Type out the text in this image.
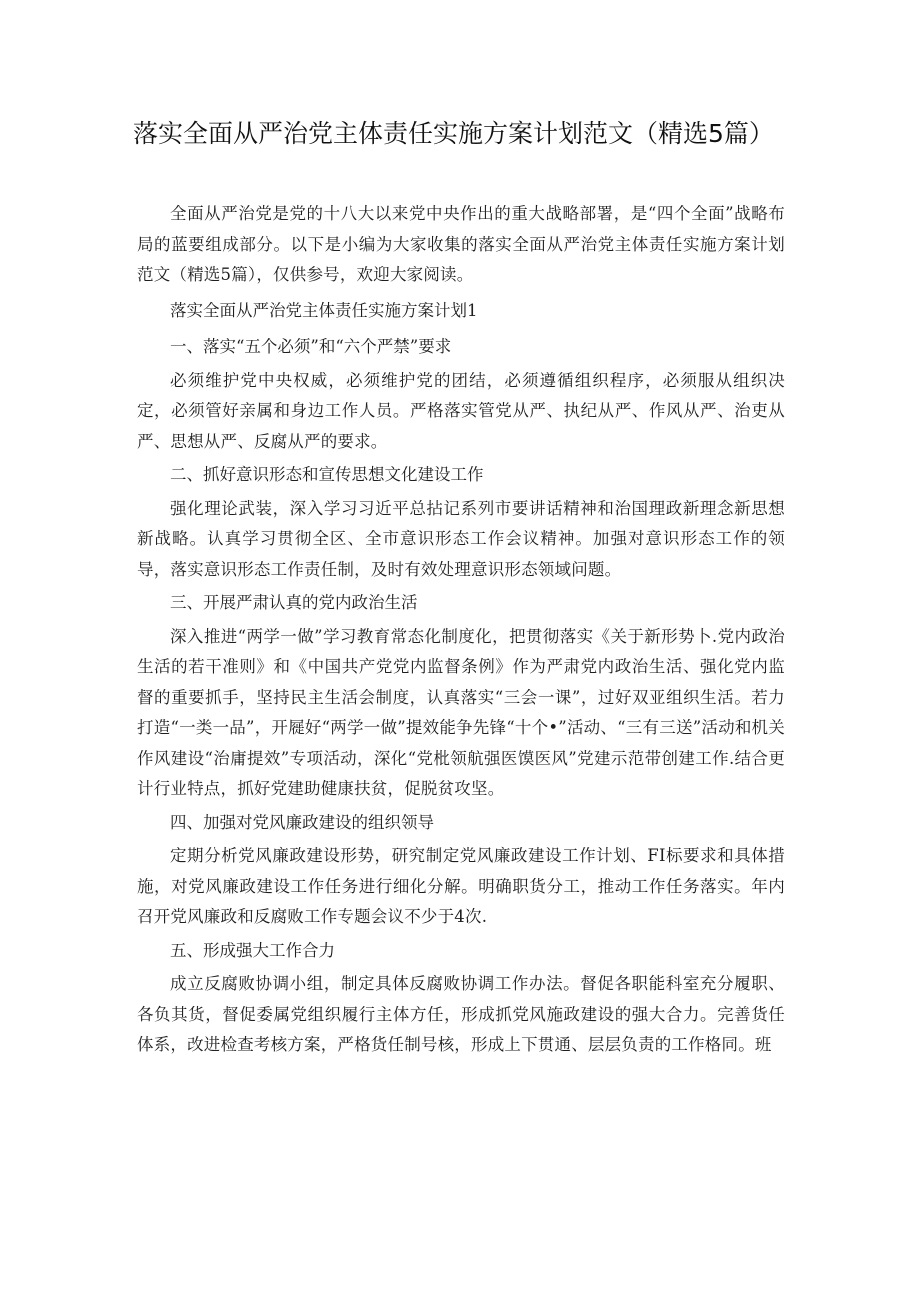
落实全面从严治党主体责任实施方案计划范文（精选5篇）

全面从严治党是党的十八大以来党中央作出的重大战略部署，是“四个全面”战略布局的蓝要组成部分。以下是小编为大家收集的落实全面从严治党主体责任实施方案计划范文（精选5篇），仅供参号，欢迎大家阅读。

落实全面从严治党主体责任实施方案计划1

一、落实“五个必须”和“六个严禁”要求

必须维护党中央权威，必须维护党的团结，必须遵循组织程序，必须服从组织决定，必须管好亲属和身边工作人员。严格落实管党从严、执纪从严、作风从严、治吏从严、思想从严、反腐从严的要求。

二、抓好意识形态和宣传思想文化建设工作

强化理论武装，深入学习习近平总拈记系列市要讲话精神和治国理政新理念新思想新战略。认真学习贯彻全区、全市意识形态工作会议精神。加强对意识形态工作的领导，落实意识形态工作责任制，及时有效处理意识形态领域问题。

三、开展严肃认真的党内政治生活

深入推进“两学一做”学习教育常态化制度化，把贯彻落实《关于新形势卜.党内政治生活的若干准则》和《中国共产党党内监督条例》作为严肃党内政治生活、强化党内监督的重要抓手，坚持民主生活会制度，认真落实“三会一课”，过好双亚组织生活。若力打造“一类一品”，开屣好“两学一做”提效能争先锋“十个•”活动、“三有三送”活动和机关作风建设“治庸提效”专项活动，深化“党枇领航强医馍医风”党建示范带创建工作.结合更计行业特点，抓好党建助健康扶贫，促脱贫攻坚。

四、加强对党风廉政建设的组织领导

定期分析党风廉政建设形势，研究制定党风廉政建设工作计划、FI标要求和具体措施，对党风廉政建设工作任务进行细化分解。明确职货分工，推动工作任务落实。年内召开党风廉政和反腐败工作专题会议不少于4次.

五、形成强大工作合力

成立反腐败协调小组，制定具体反腐败协调工作办法。督促各职能科室充分履职、各负其货，督促委属党组织履行主体方任，形成抓党风施政建设的强大合力。完善货任体系，改进检查考核方案，严格货任制号核，形成上下贯通、层层负责的工作格同。班
